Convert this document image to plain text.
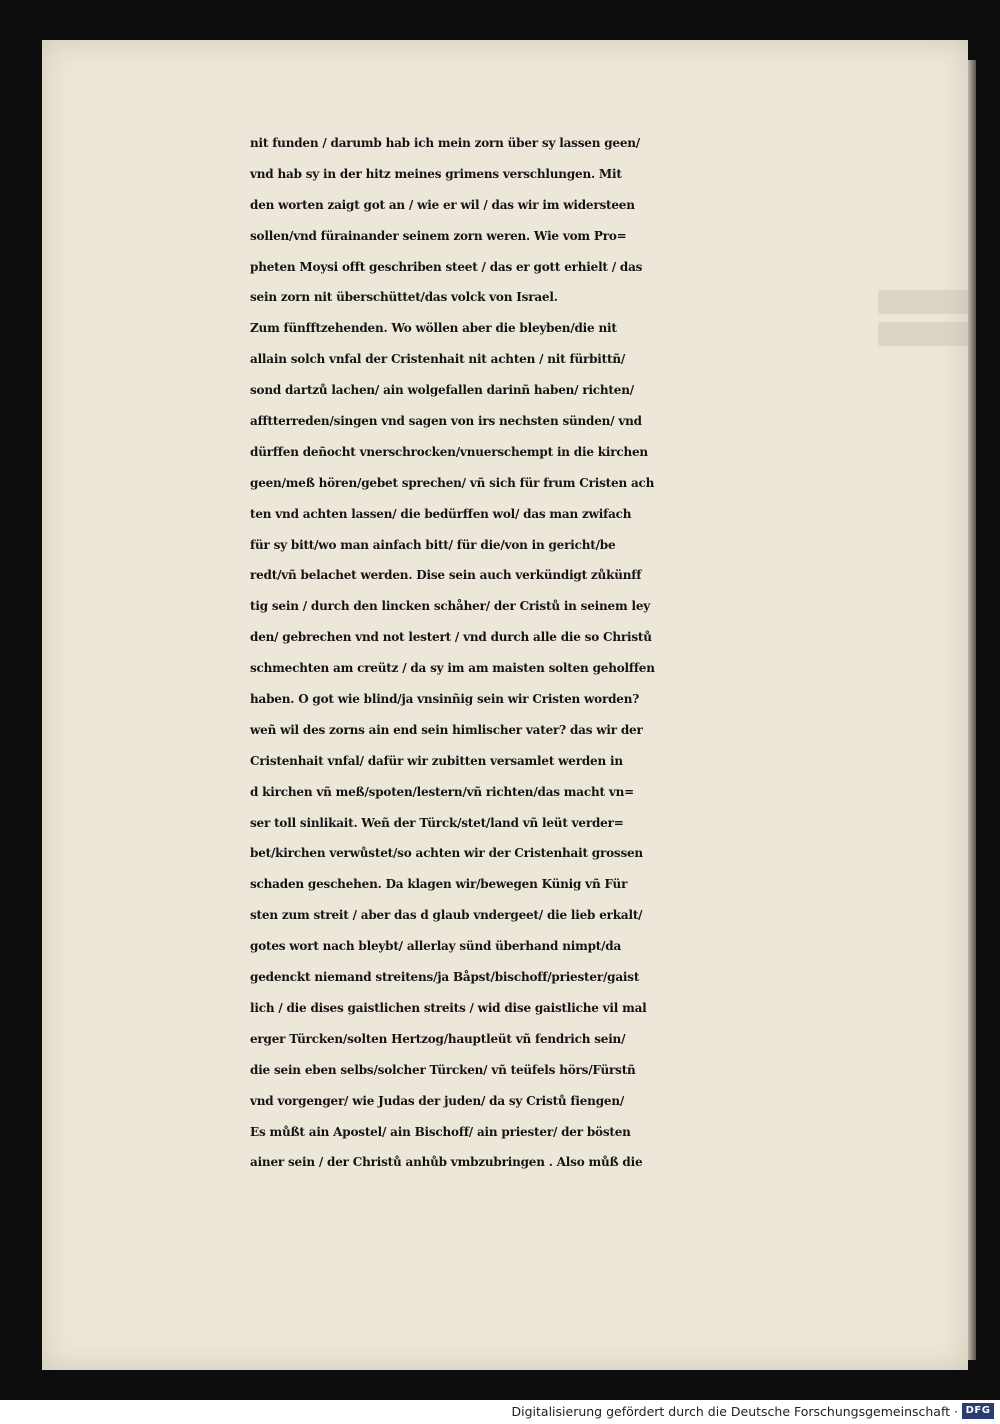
nit funden / darumb hab ich mein zorn über sy lassen geen/
vnd hab sy in der hitz meines grimens verschlungen. Mit
den worten zaigt got an / wie er wil / das wir im widersteen
sollen/vnd fürainander seinem zorn weren. Wie vom Pro=
pheten Moysi offt geschriben steet / das er gott erhielt / das
sein zorn nit überschüttet/das volck von Israel.
Zum fünfftzehenden. Wo wöllen aber die bleyben/die nit
allain solch vnfal der Cristenhait nit achten / nit fürbittñ/
sond dartzů lachen/ ain wolgefallen darinñ haben/ richten/
afftterreden/singen vnd sagen von irs nechsten sünden/ vnd
dürffen deñocht vnerschrocken/vnuerschempt in die kirchen
geen/meß hören/gebet sprechen/ vñ sich für frum Cristen ach
ten vnd achten lassen/ die bedürffen wol/ das man zwifach
für sy bitt/wo man ainfach bitt/ für die/von in gericht/be
redt/vñ belachet werden. Dise sein auch verkündigt zůkünff
tig sein / durch den lincken schåher/ der Cristů in seinem ley
den/ gebrechen vnd not lestert / vnd durch alle die so Christů
schmechten am creütz / da sy im am maisten solten geholffen
haben. O got wie blind/ja vnsinñig sein wir Cristen worden?
weñ wil des zorns ain end sein himlischer vater? das wir der
Cristenhait vnfal/ dafür wir zubitten versamlet werden in
d kirchen vñ meß/spoten/lestern/vñ richten/das macht vn=
ser toll sinlikait. Weñ der Türck/stet/land vñ leüt verder=
bet/kirchen verwůstet/so achten wir der Cristenhait grossen
schaden geschehen. Da klagen wir/bewegen Künig vñ Für
sten zum streit / aber das d glaub vndergeet/ die lieb erkalt/
gotes wort nach bleybt/ allerlay sünd überhand nimpt/da
gedenckt niemand streitens/ja Båpst/bischoff/priester/gaist
lich / die dises gaistlichen streits / wid dise gaistliche vil mal
erger Türcken/solten Hertzog/hauptleüt vñ fendrich sein/
die sein eben selbs/solcher Türcken/ vñ teüfels hörs/Fürstñ
vnd vorgenger/ wie Judas der juden/ da sy Cristů fiengen/
Es můßt ain Apostel/ ain Bischoff/ ain priester/ der bösten
ainer sein / der Christů anhůb vmbzubringen . Also můß die
Digitalisierung gefördert durch die Deutsche Forschungsgemeinschaft · DFG
